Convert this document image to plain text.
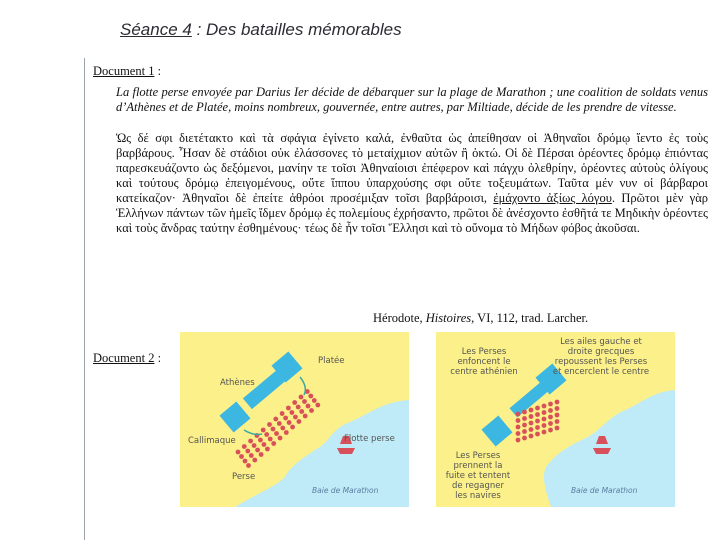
Séance 4 : Des batailles mémorables
Document 1 :
La flotte perse envoyée par Darius Ier décide de débarquer sur la plage de Marathon ; une coalition de soldats venus d’Athènes et de Platée, moins nombreux, gouvernée, entre autres, par Miltiade, décide de les prendre de vitesse.
Ὡς δέ σφι διετέτακτο καὶ τὰ σφάγια ἐγίνετο καλά, ἐνθαῦτα ὡς ἀπείθησαν οἱ Ἀθηναῖοι δρόμῳ ἵεντο ἐς τοὺς βαρβάρους. Ἦσαν δὲ στάδιοι οὐκ ἐλάσσονες τὸ μεταίχμιον αὐτῶν ἢ ὀκτώ. Οἱ δὲ Πέρσαι ὁρέοντες δρόμῳ ἐπιόντας παρεσκευάζοντο ὡς δεξόμενοι, μανίην τε τοῖσι Ἀθηναίοισι ἐπέφερον καὶ πάγχυ ὀλεθρίην, ὁρέοντες αὐτοὺς ὀλίγους καὶ τούτους δρόμῳ ἐπειγομένους, οὔτε ἵππου ὑπαρχούσης σφι οὔτε τοξευμάτων. Ταῦτα μέν νυν οἱ βάρβαροι κατείκαζον· Ἀθηναῖοι δὲ ἐπείτε ἀθρόοι προσέμιξαν τοῖσι βαρβάροισι, ἐμάχοντο ἀξίως λόγου. Πρῶτοι μὲν γὰρ Ἑλλήνων πάντων τῶν ἡμεῖς ἴδμεν δρόμῳ ἐς πολεμίους ἐχρήσαντο, πρῶτοι δὲ ἀνέσχοντο ἐσθῆτά τε Μηδικὴν ὁρέοντες καὶ τοὺς ἄνδρας ταύτην ἐσθημένους· τέως δὲ ἦν τοῖσι Ἕλλησι καὶ τὸ οὔνομα τὸ Μήδων φόβος ἀκοῦσαι.
Hérodote, Histoires, VI, 112, trad. Larcher.
Document 2 :	Platée
Athènes
Callimaque	Flotte perse
Perse
Baie de Marathon
Les Perses
enfoncent le
centre athénien
Les ailes gauche et
droite grecques
repoussent les Perses
et encerclent le centre
Les Perses
prennent la
fuite et tentent
de regagner
les navires
Baie de Marathon
